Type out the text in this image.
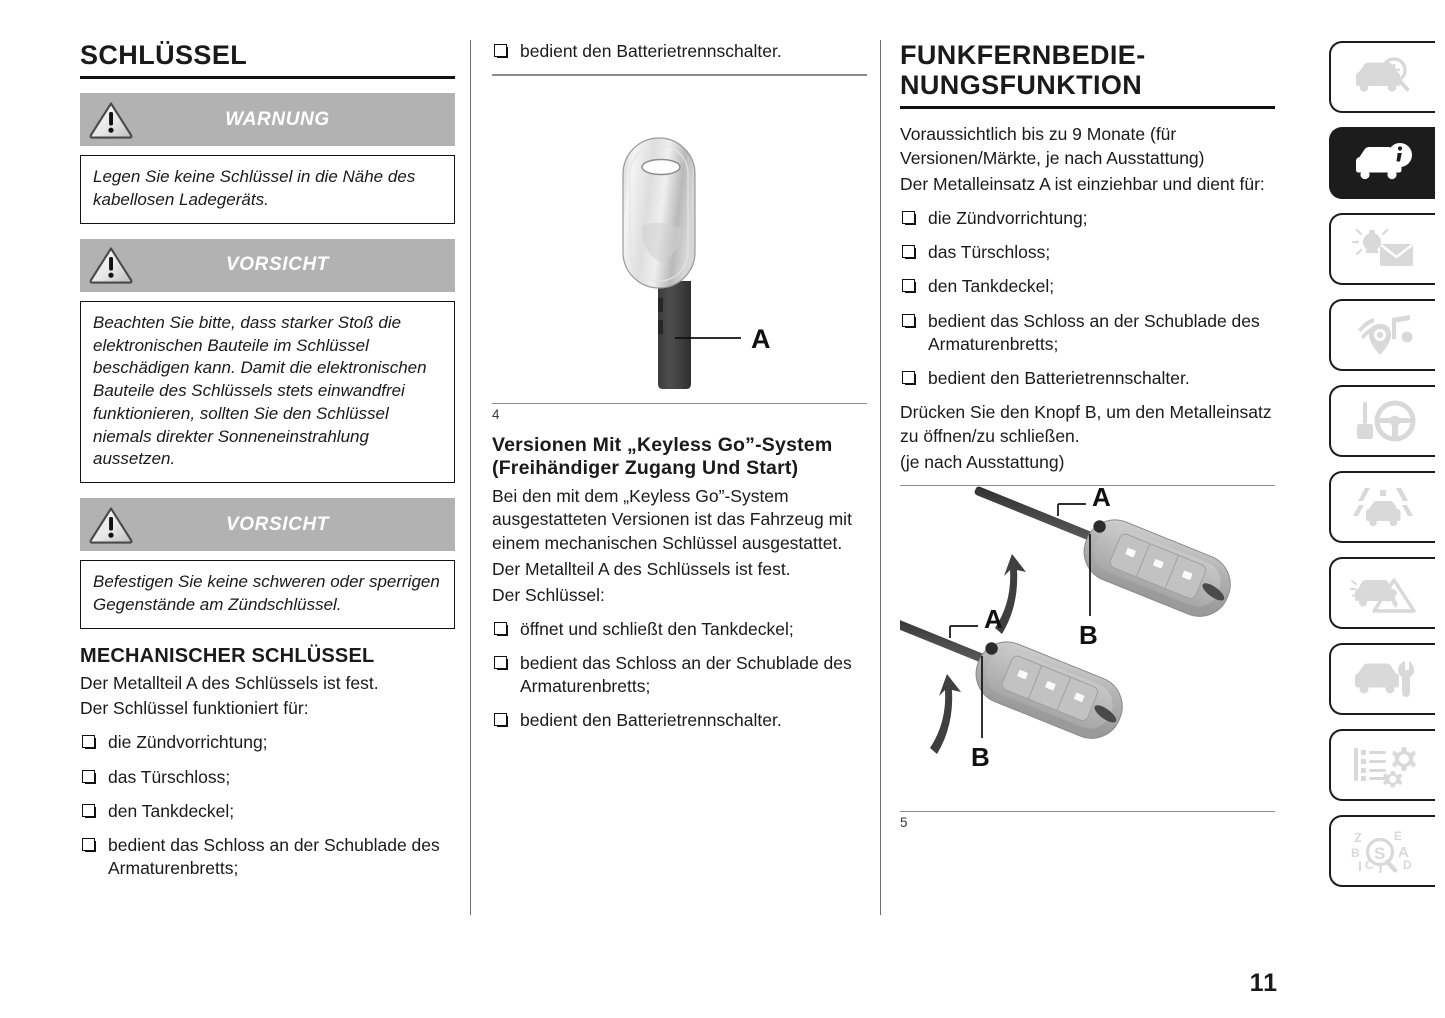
SCHLÜSSEL
WARNUNG

Legen Sie keine Schlüssel in die Nähe des kabellosen Ladegeräts.

VORSICHT

Beachten Sie bitte, dass starker Stoß die elektronischen Bauteile im Schlüssel beschädigen kann. Damit die elektronischen Bauteile des Schlüssels stets einwandfrei funktionieren, sollten Sie den Schlüssel niemals direkter Sonneneinstrahlung aussetzen.

VORSICHT

Befestigen Sie keine schweren oder sperrigen Gegenstände am Zündschlüssel.

MECHANISCHER SCHLÜSSEL

Der Metallteil A des Schlüssels ist fest.

Der Schlüssel funktioniert für:

die Zündvorrichtung;
das Türschloss;
den Tankdeckel;
bedient das Schloss an der Schublade des Armaturenbretts;
bedient den Batterietrennschalter.
A
4
Versionen Mit „Keyless Go”-System (Freihändiger Zugang Und Start)

Bei den mit dem „Keyless Go”-System ausgestatteten Versionen ist das Fahrzeug mit einem mechanischen Schlüssel ausgestattet.

Der Metallteil A des Schlüssels ist fest.

Der Schlüssel:

öffnet und schließt den Tankdeckel;
bedient das Schloss an der Schublade des Armaturenbretts;
bedient den Batterietrennschalter.
FUNKFERNBEDIE-NUNGSFUNKTION

Voraussichtlich bis zu 9 Monate (für Versionen/Märkte, je nach Ausstattung)

Der Metalleinsatz A ist einziehbar und dient für:

die Zündvorrichtung;
das Türschloss;
den Tankdeckel;
bedient das Schloss an der Schublade des Armaturenbretts;
bedient den Batterietrennschalter.

Drücken Sie den Knopf B, um den Metalleinsatz zu öffnen/zu schließen.

(je nach Ausstattung)

A
B
A
B
5
11
Z
B
I C T
E
A
D
S
